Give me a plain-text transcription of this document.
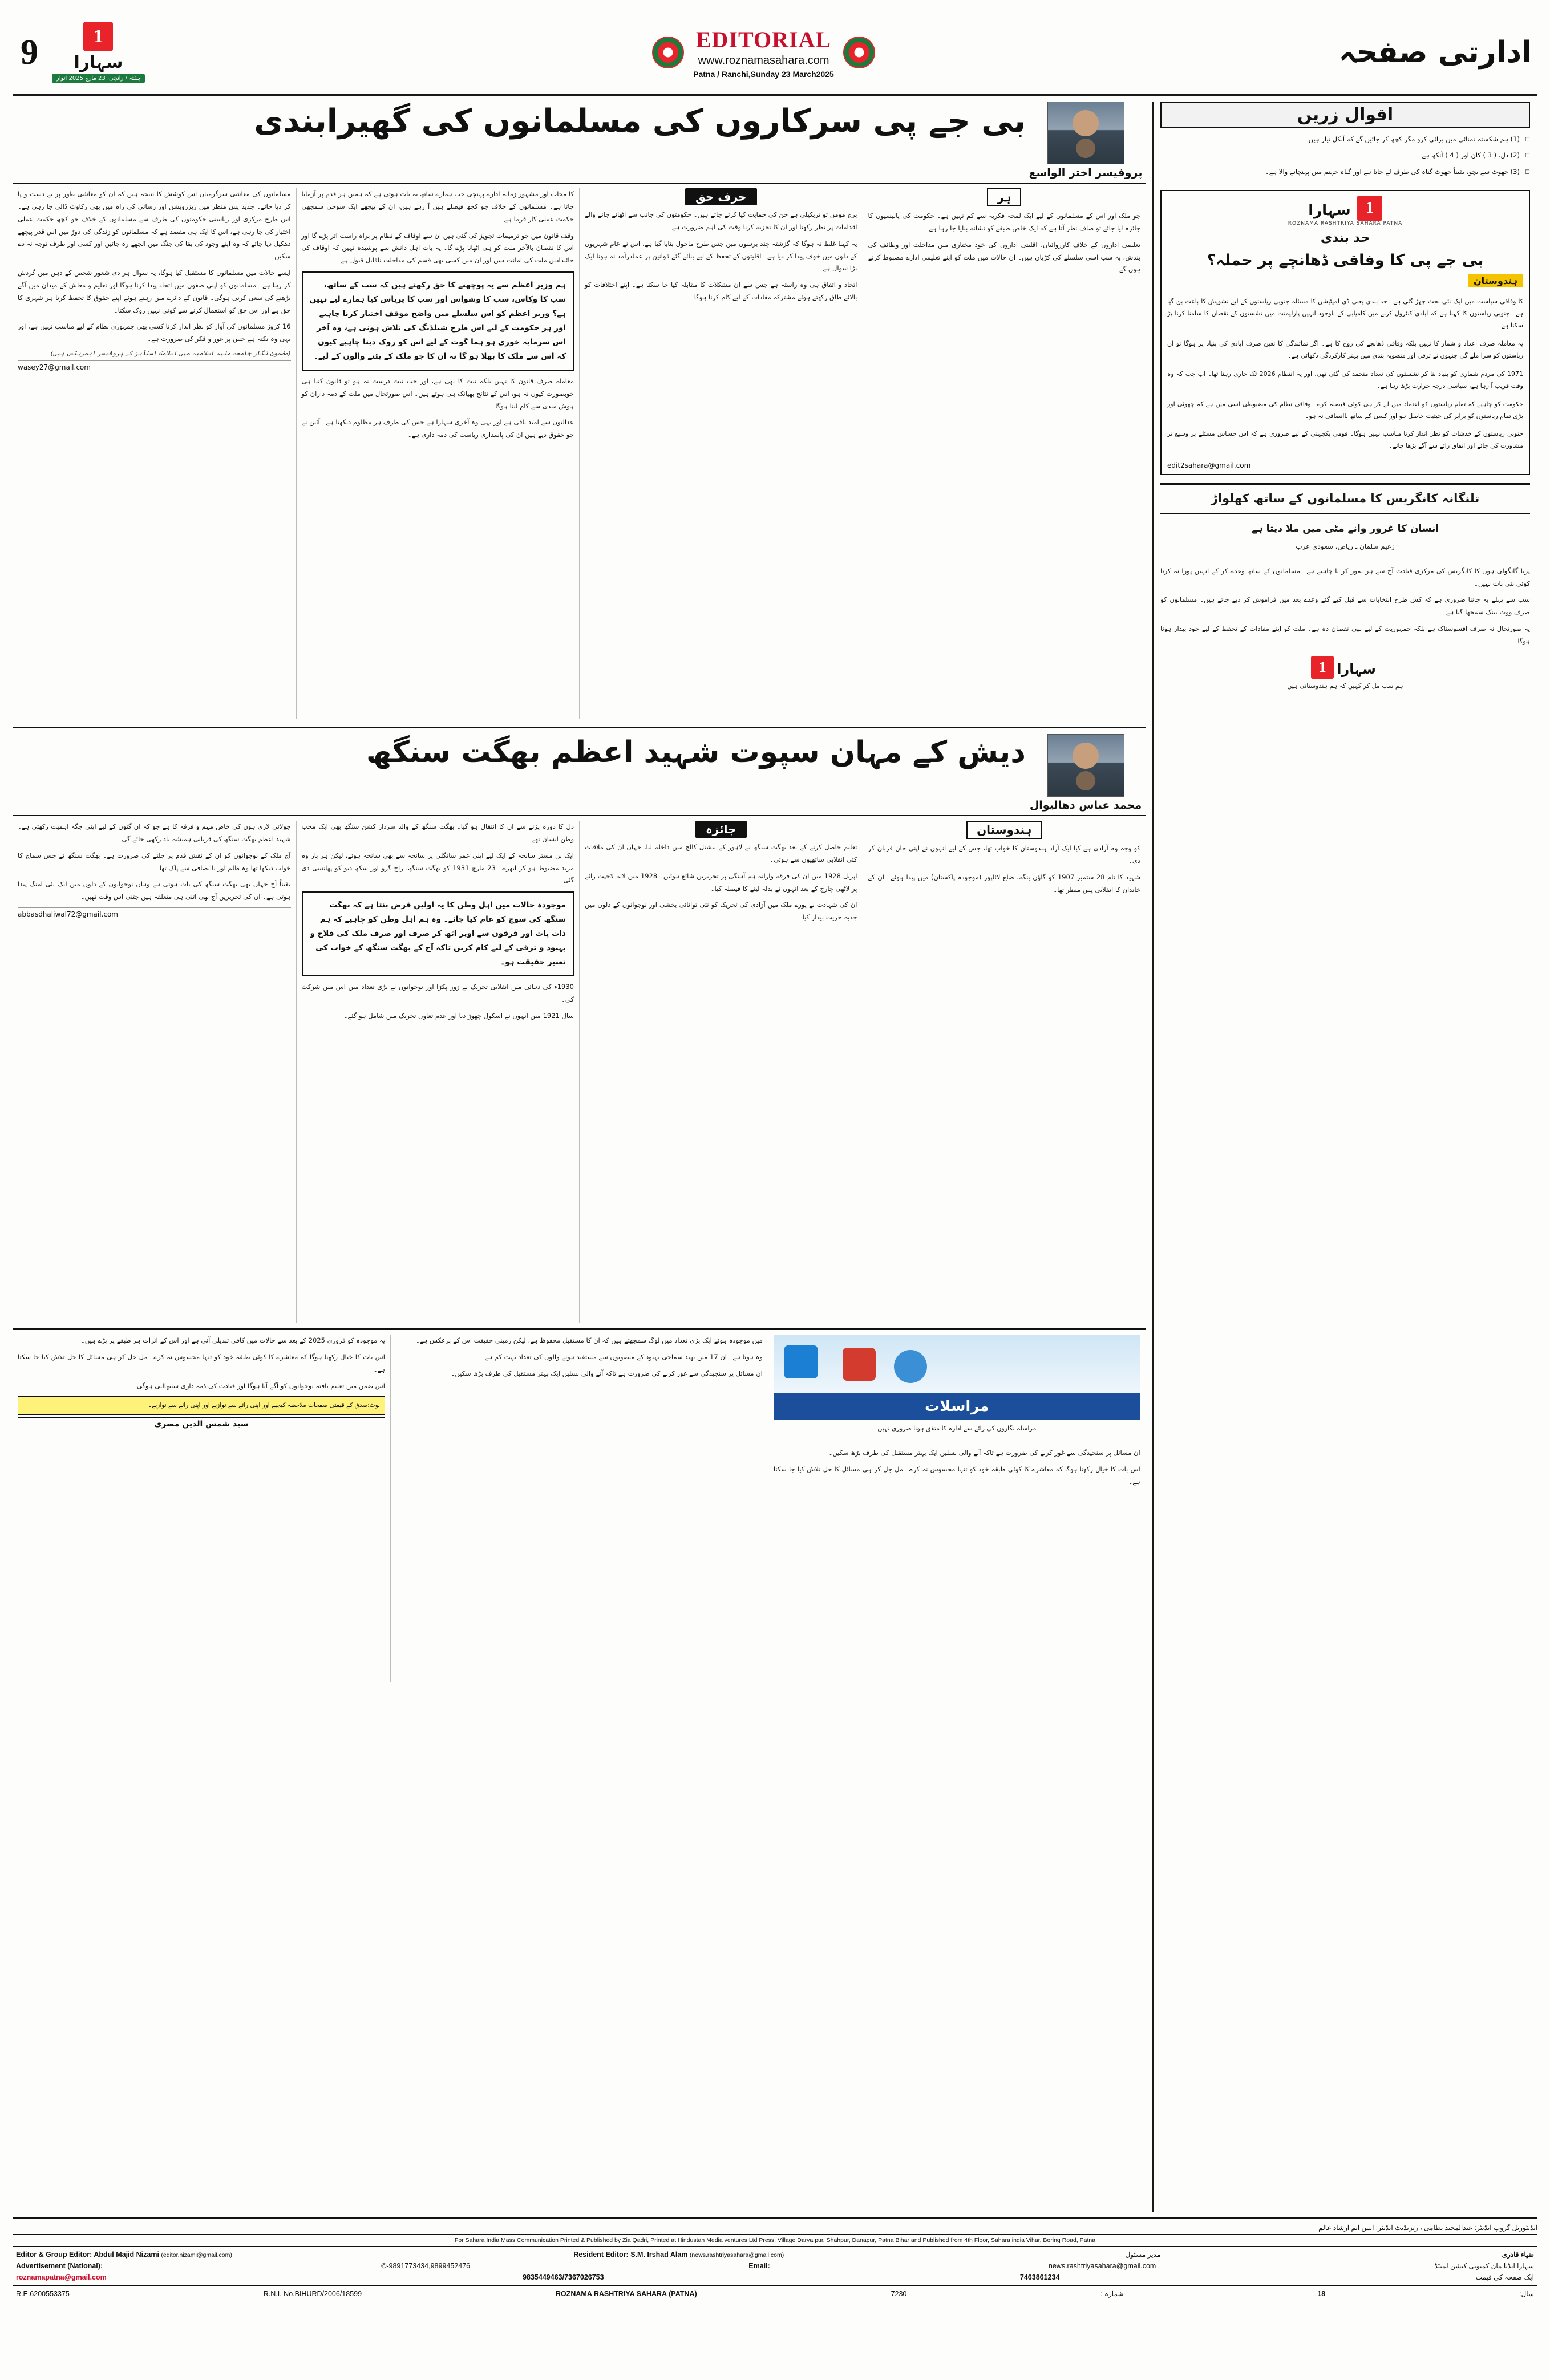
9	1
سہارا
ہفتہ / رانچی، 23 مارچ 2025 اتوار
EDITORIAL
www.roznamasahara.com
Patna / Ranchi,Sunday 23 March2025
ادارتی صفحہ
بی جے پی سرکاروں کی مسلمانوں کی گھیرابندی
پروفیسر اختر الواسع

مسلمانوں کی معاشی سرگرمیاں اس کوشش کا نتیجہ ہیں کہ ان کو معاشی طور پر بے دست و پا کر دیا جائے۔ جدید پس منظر میں ریزرویشن اور رسائی کی راہ میں بھی رکاوٹ ڈالی جا رہی ہے۔ اس طرح مرکزی اور ریاستی حکومتوں کی طرف سے مسلمانوں کے خلاف جو کچھ حکمت عملی اختیار کی جا رہی ہے، اس کا ایک ہی مقصد ہے کہ مسلمانوں کو زندگی کی دوڑ میں اس قدر پیچھے دھکیل دیا جائے کہ وہ اپنے وجود کی بقا کی جنگ میں الجھے رہ جائیں اور کسی اور طرف توجہ نہ دے سکیں۔

ایسے حالات میں مسلمانوں کا مستقبل کیا ہوگا، یہ سوال ہر ذی شعور شخص کے ذہن میں گردش کر رہا ہے۔ مسلمانوں کو اپنی صفوں میں اتحاد پیدا کرنا ہوگا اور تعلیم و معاش کے میدان میں آگے بڑھنے کی سعی کرنی ہوگی۔ قانون کے دائرے میں رہتے ہوئے اپنے حقوق کا تحفظ کرنا ہر شہری کا حق ہے اور اس حق کو استعمال کرنے سے کوئی نہیں روک سکتا۔

16 کروڑ مسلمانوں کی آواز کو نظر انداز کرنا کسی بھی جمہوری نظام کے لیے مناسب نہیں ہے، اور یہی وہ نکتہ ہے جس پر غور و فکر کی ضرورت ہے۔

(مضمون نگار جامعہ ملیہ اسلامیہ میں اسلامک اسٹڈیز کے پروفیسر ایمریٹس ہیں)
wasey27@gmail.com

کا مجاب اور مشہور زمانہ ادارے پہنچی جب ہمارے ساتھ یہ بات ہوتی ہے کہ ہمیں ہر قدم پر آزمایا جاتا ہے۔ مسلمانوں کے خلاف جو کچھ فیصلے ہیں آ رہے ہیں، ان کے پیچھے ایک سوچی سمجھی حکمت عملی کار فرما ہے۔

وقف قانون میں جو ترمیمات تجویز کی گئی ہیں ان سے اوقاف کے نظام پر براہ راست اثر پڑے گا اور اس کا نقصان بالآخر ملت کو ہی اٹھانا پڑے گا۔ یہ بات اہل دانش سے پوشیدہ نہیں کہ اوقاف کی جائیدادیں ملت کی امانت ہیں اور ان میں کسی بھی قسم کی مداخلت ناقابل قبول ہے۔

ہم وزیر اعظم سے یہ پوچھنے کا حق رکھتے ہیں کہ سب کے ساتھ، سب کا وکاس، سب کا وشواس اور سب کا پریاس کیا ہمارے لیے نہیں ہے؟ وزیر اعظم کو اس سلسلے میں واضح موقف اختیار کرنا چاہیے اور ہر حکومت کے لیے اس طرح شیلڈنگ کی تلاش ہونی ہے، وہ آخر اس سرمایہ خوری ہو ہما گوت کے لیے اس کو روک دینا چاہیے کیوں کہ اس سے ملک کا بھلا ہو گا نہ ان کا جو ملک کے بٹنے والوں کے لیے۔

معاملہ صرف قانون کا نہیں بلکہ نیت کا بھی ہے، اور جب نیت درست نہ ہو تو قانون کتنا ہی خوبصورت کیوں نہ ہو، اس کے نتائج بھیانک ہی ہوتے ہیں۔ اس صورتحال میں ملت کے ذمہ داران کو ہوش مندی سے کام لینا ہوگا۔

عدالتوں سے امید باقی ہے اور یہی وہ آخری سہارا ہے جس کی طرف ہر مظلوم دیکھتا ہے۔ آئین نے جو حقوق دیے ہیں ان کی پاسداری ریاست کی ذمہ داری ہے۔

حرف حق

برج مومن تو تریکیلی ہے جن کی حمایت کیا کرتے جاتے ہیں۔ حکومتوں کی جانب سے اٹھائے جانے والے اقدامات پر نظر رکھنا اور ان کا تجزیہ کرنا وقت کی اہم ضرورت ہے۔

یہ کہنا غلط نہ ہوگا کہ گزشتہ چند برسوں میں جس طرح ماحول بنایا گیا ہے، اس نے عام شہریوں کے دلوں میں خوف پیدا کر دیا ہے۔ اقلیتوں کے تحفظ کے لیے بنائے گئے قوانین پر عملدرآمد نہ ہونا ایک بڑا سوال ہے۔

اتحاد و اتفاق ہی وہ راستہ ہے جس سے ان مشکلات کا مقابلہ کیا جا سکتا ہے۔ اپنے اختلافات کو بالائے طاق رکھتے ہوئے مشترکہ مفادات کے لیے کام کرنا ہوگا۔

ہر

جو ملک اور اس کے مسلمانوں کے لیے ایک لمحہ فکریہ سے کم نہیں ہے۔ حکومت کی پالیسیوں کا جائزہ لیا جائے تو صاف نظر آتا ہے کہ ایک خاص طبقے کو نشانہ بنایا جا رہا ہے۔

تعلیمی اداروں کے خلاف کارروائیاں، اقلیتی اداروں کی خود مختاری میں مداخلت اور وظائف کی بندش، یہ سب اسی سلسلے کی کڑیاں ہیں۔ ان حالات میں ملت کو اپنے تعلیمی ادارے مضبوط کرنے ہوں گے۔

دیش کے مہان سپوت شہید اعظم بھگت سنگھ
محمد عباس دھالیوال

جولائی لاری ہوں کی خاص مہم و فرقہ کا ہے جو کہ ان گنوں کے لیے اپنی جگہ اہمیت رکھتی ہے۔ شہید اعظم بھگت سنگھ کی قربانی ہمیشہ یاد رکھی جائے گی۔

آج ملک کے نوجوانوں کو ان کے نقش قدم پر چلنے کی ضرورت ہے۔ بھگت سنگھ نے جس سماج کا خواب دیکھا تھا وہ ظلم اور ناانصافی سے پاک تھا۔

یقیناً آج جہاں بھی بھگت سنگھ کی بات ہوتی ہے وہاں نوجوانوں کے دلوں میں ایک نئی امنگ پیدا ہوتی ہے۔ ان کی تحریریں آج بھی اتنی ہی متعلقہ ہیں جتنی اس وقت تھیں۔

abbasdhaliwal72@gmail.com

دل کا دورہ پڑنے سے ان کا انتقال ہو گیا۔ بھگت سنگھ کے والد سردار کشن سنگھ بھی ایک محب وطن انسان تھے۔

ایک بن مستر سانحہ کے ایک لیے اپنی عمر سانگلی پر سانحہ سے بھی سانحہ ہوئے، لیکن ہر بار وہ مزید مضبوط ہو کر ابھرے۔ 23 مارچ 1931 کو بھگت سنگھ، راج گرو اور سکھ دیو کو پھانسی دی گئی۔

موجودہ حالات میں اہل وطن کا یہ اولین فرض بنتا ہے کہ بھگت سنگھ کی سوچ کو عام کیا جائے۔ وہ ہم اہل وطن کو چاہیے کہ ہم ذات پات اور فرقوں سے اوپر اٹھ کر صرف اور صرف ملک کی فلاح و بہبود و ترقی کے لیے کام کریں تاکہ آج کے بھگت سنگھ کے خواب کی تعبیر حقیقت ہو۔

1930ء کی دہائی میں انقلابی تحریک نے زور پکڑا اور نوجوانوں نے بڑی تعداد میں اس میں شرکت کی۔

سال 1921 میں انہوں نے اسکول چھوڑ دیا اور عدم تعاون تحریک میں شامل ہو گئے۔

جائزہ

تعلیم حاصل کرنے کے بعد بھگت سنگھ نے لاہور کے نیشنل کالج میں داخلہ لیا، جہاں ان کی ملاقات کئی انقلابی ساتھیوں سے ہوئی۔

اپریل 1928 میں ان کی فرقہ وارانہ ہم آہنگی پر تحریریں شائع ہوئیں۔ 1928 میں لالہ لاجپت رائے پر لاٹھی چارج کے بعد انہوں نے بدلہ لینے کا فیصلہ کیا۔

ان کی شہادت نے پورے ملک میں آزادی کی تحریک کو نئی توانائی بخشی اور نوجوانوں کے دلوں میں جذبہ حریت بیدار کیا۔

ہندوستان

کو وجہ وہ آزادی ہے کیا ایک آزاد ہندوستان کا خواب تھا، جس کے لیے انہوں نے اپنی جان قربان کر دی۔

شہید کا نام 28 ستمبر 1907 کو گاؤں بنگہ، ضلع لائلپور (موجودہ پاکستان) میں پیدا ہوئے۔ ان کے خاندان کا انقلابی پس منظر تھا۔

یہ موجودہ کو فروری 2025 کے بعد سے حالات میں کافی تبدیلی آئی ہے اور اس کے اثرات ہر طبقے پر پڑے ہیں۔

اس بات کا خیال رکھنا ہوگا کہ معاشرے کا کوئی طبقہ خود کو تنہا محسوس نہ کرے۔ مل جل کر ہی مسائل کا حل تلاش کیا جا سکتا ہے۔

اس ضمن میں تعلیم یافتہ نوجوانوں کو آگے آنا ہوگا اور قیادت کی ذمہ داری سنبھالنی ہوگی۔

نوٹ:صدق کے قیمتی صفحات ملاحظہ کیجیے اور اپنی رائے سے نوازیے اور اپنی رائے سے نوازیے۔
سید شمس الدین مصری

میں موجودہ ہوئے ایک بڑی تعداد میں لوگ سمجھتے ہیں کہ ان کا مستقبل محفوظ ہے، لیکن زمینی حقیقت اس کے برعکس ہے۔

وہ ہوتا ہے۔ ان 17 میں بھید سماجی بہبود کے منصوبوں سے مستفید ہونے والوں کی تعداد بہت کم ہے۔

ان مسائل پر سنجیدگی سے غور کرنے کی ضرورت ہے تاکہ آنے والی نسلیں ایک بہتر مستقبل کی طرف بڑھ سکیں۔

مراسلات
مراسلہ نگاروں کی رائے سے ادارہ کا متفق ہونا ضروری نہیں

ان مسائل پر سنجیدگی سے غور کرنے کی ضرورت ہے تاکہ آنے والی نسلیں ایک بہتر مستقبل کی طرف بڑھ سکیں۔

اس بات کا خیال رکھنا ہوگا کہ معاشرے کا کوئی طبقہ خود کو تنہا محسوس نہ کرے۔ مل جل کر ہی مسائل کا حل تلاش کیا جا سکتا ہے۔

اقوال زریں
◻ (1) ہم شکستہ تمنائی میں برائی کرو مگر کچھ کر جائیں گے کہ آنکل تیار ہیں۔
◻ (2) دل، ( 3 ) کان اور ( 4 ) آنکھ ہے۔
◻ (3) جھوٹ سے بچو، یقیناً جھوٹ گناہ کی طرف لے جاتا ہے اور گناہ جہنم میں پہنچانے والا ہے۔
سہارا 1
ROZNAMA RASHTRIYA SAHARA PATNA
حد بندی
بی جے پی کا وفاقی ڈھانچے پر حملہ؟
ہندوستان

کا وفاقی سیاست میں ایک نئی بحث چھڑ گئی ہے۔ حد بندی یعنی ڈی لمیٹیشن کا مسئلہ جنوبی ریاستوں کے لیے تشویش کا باعث بن گیا ہے۔ جنوبی ریاستوں کا کہنا ہے کہ آبادی کنٹرول کرنے میں کامیابی کے باوجود انہیں پارلیمنٹ میں نشستوں کے نقصان کا سامنا کرنا پڑ سکتا ہے۔

یہ معاملہ صرف اعداد و شمار کا نہیں بلکہ وفاقی ڈھانچے کی روح کا ہے۔ اگر نمائندگی کا تعین صرف آبادی کی بنیاد پر ہوگا تو ان ریاستوں کو سزا ملے گی جنہوں نے ترقی اور منصوبہ بندی میں بہتر کارکردگی دکھائی ہے۔

1971 کی مردم شماری کو بنیاد بنا کر نشستوں کی تعداد منجمد کی گئی تھی، اور یہ انتظام 2026 تک جاری رہنا تھا۔ اب جب کہ وہ وقت قریب آ رہا ہے، سیاسی درجہ حرارت بڑھ رہا ہے۔

حکومت کو چاہیے کہ تمام ریاستوں کو اعتماد میں لے کر ہی کوئی فیصلہ کرے۔ وفاقی نظام کی مضبوطی اسی میں ہے کہ چھوٹی اور بڑی تمام ریاستوں کو برابر کی حیثیت حاصل ہو اور کسی کے ساتھ ناانصافی نہ ہو۔

جنوبی ریاستوں کے خدشات کو نظر انداز کرنا مناسب نہیں ہوگا۔ قومی یکجہتی کے لیے ضروری ہے کہ اس حساس مسئلے پر وسیع تر مشاورت کی جائے اور اتفاق رائے سے آگے بڑھا جائے۔

edit2sahara@gmail.com
تلنگانہ کانگریس کا مسلمانوں کے ساتھ کھلواڑ
انسان کا غرور وانے مٹی میں ملا دیتا ہے
زعیم سلمان ـ ریاض، سعودی عرب

پریا گانگولی ہوں کا کانگریس کی مرکزی قیادت آج سے ہر نمور کر یا چاہیے ہے۔ مسلمانوں کے ساتھ وعدے کر کے انہیں پورا نہ کرنا کوئی نئی بات نہیں۔

سب سے پہلے یہ جاننا ضروری ہے کہ کس طرح انتخابات سے قبل کیے گئے وعدے بعد میں فراموش کر دیے جاتے ہیں۔ مسلمانوں کو صرف ووٹ بینک سمجھا گیا ہے۔

یہ صورتحال نہ صرف افسوسناک ہے بلکہ جمہوریت کے لیے بھی نقصان دہ ہے۔ ملت کو اپنے مفادات کے تحفظ کے لیے خود بیدار ہونا ہوگا۔

1 سہارا
ہم سب مل کر کہیں کہ ہم ہندوستانی ہیں
ایڈیٹوریل گروپ ایڈیٹر: عبدالمجید نظامی ، ریزیڈنٹ ایڈیٹر: ایس ایم ارشاد عالم
For Sahara India Mass Communication Printed & Published by Zia Qadri, Printed at Hindustan Media ventures Ltd Press, Village Darya pur, Shahpur, Danapur, Patna Bihar and Published from 4th Floor, Sahara india Vihar, Boring Road, Patna
Editor & Group Editor: Abdul Majid Nizami (editor.nizami@gmail.com)	Resident Editor: S.M. Irshad Alam (news.rashtriyasahara@gmail.com)	مدیر مسئول	ضیاء قادری
Advertisement (National):	©-9891773434,9899452476	Email:	news.rashtriyasahara@gmail.com	سہارا انڈیا مان کمیونی کیشن لمیٹڈ
roznamapatna@gmail.com	9835449463/7367026753	7463861234	ایک صفحہ کی قیمت
R.E.6200553375	R.N.I. No.BIHURD/2006/18599	ROZNAMA RASHTRIYA SAHARA (PATNA)	7230	شمارہ :	18	سال:
